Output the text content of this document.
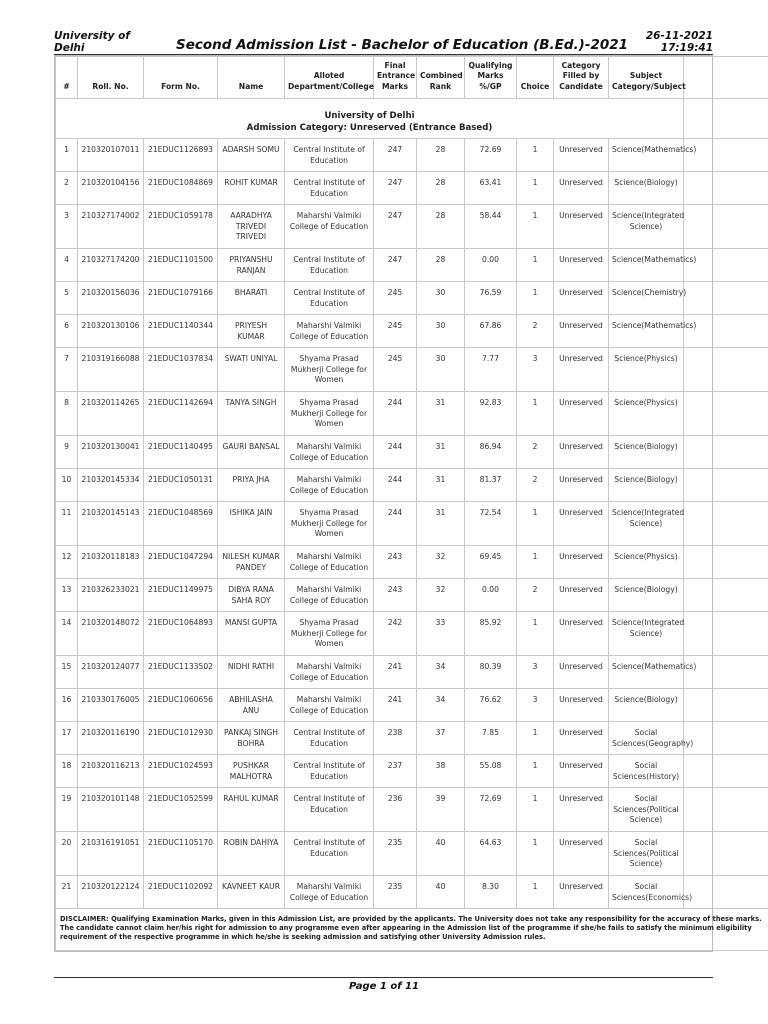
University of Delhi	Second Admission List - Bachelor of Education (B.Ed.)-2021
26-11-2021
17:19:41
University of Delhi
Admission Category: Unreserved (Entrance Based)											

#	Roll. No.	Form No.	Name	Alloted Department/College	Final Entrance Marks	Combined Rank	Qualifying Marks %/GP	Choice	Category Filled by Candidate	Subject Category/Subject	
1	210320107011	21EDUC1126893	ADARSH SOMU	Central Institute of Education	247	28	72.69	1	Unreserved	Science(Mathematics)	
2	210320104156	21EDUC1084869	ROHIT KUMAR	Central Institute of Education	247	28	63.41	1	Unreserved	Science(Biology)	
3	210327174002	21EDUC1059178	AARADHYA TRIVEDI TRIVEDI	Maharshi Valmiki College of Education	247	28	58.44	1	Unreserved	Science(Integrated Science)	
4	210327174200	21EDUC1101500	PRIYANSHU RANJAN	Central Institute of Education	247	28	0.00	1	Unreserved	Science(Mathematics)	
5	210320156036	21EDUC1079166	BHARATI	Central Institute of Education	245	30	76.59	1	Unreserved	Science(Chemistry)	
6	210320130106	21EDUC1140344	PRIYESH KUMAR	Maharshi Valmiki College of Education	245	30	67.86	2	Unreserved	Science(Mathematics)	
7	210319166088	21EDUC1037834	SWATI UNIYAL	Shyama Prasad Mukherji College for Women	245	30	7.77	3	Unreserved	Science(Physics)	
8	210320114265	21EDUC1142694	TANYA SINGH	Shyama Prasad Mukherji College for Women	244	31	92.83	1	Unreserved	Science(Physics)	
9	210320130041	21EDUC1140495	GAURI BANSAL	Maharshi Valmiki College of Education	244	31	86.94	2	Unreserved	Science(Biology)	
10	210320145334	21EDUC1050131	PRIYA JHA	Maharshi Valmiki College of Education	244	31	81.37	2	Unreserved	Science(Biology)	
11	210320145143	21EDUC1048569	ISHIKA JAIN	Shyama Prasad Mukherji College for Women	244	31	72.54	1	Unreserved	Science(Integrated Science)	
12	210320118183	21EDUC1047294	NILESH KUMAR PANDEY	Maharshi Valmiki College of Education	243	32	69.45	1	Unreserved	Science(Physics)	
13	210326233021	21EDUC1149975	DIBYA RANA SAHA ROY	Maharshi Valmiki College of Education	243	32	0.00	2	Unreserved	Science(Biology)	
14	210320148072	21EDUC1064893	MANSI GUPTA	Shyama Prasad Mukherji College for Women	242	33	85.92	1	Unreserved	Science(Integrated Science)	
15	210320124077	21EDUC1133502	NIDHI RATHI	Maharshi Valmiki College of Education	241	34	80.39	3	Unreserved	Science(Mathematics)	
16	210330176005	21EDUC1060656	ABHILASHA ANU	Maharshi Valmiki College of Education	241	34	76.62	3	Unreserved	Science(Biology)	
17	210320116190	21EDUC1012930	PANKAJ SINGH BOHRA	Central Institute of Education	238	37	7.85	1	Unreserved	Social Sciences(Geography)	
18	210320116213	21EDUC1024593	PUSHKAR MALHOTRA	Central Institute of Education	237	38	55.08	1	Unreserved	Social Sciences(History)	
19	210320101148	21EDUC1052599	RAHUL KUMAR	Central Institute of Education	236	39	72.69	1	Unreserved	Social Sciences(Political Science)	
20	210316191051	21EDUC1105170	ROBIN DAHIYA	Central Institute of Education	235	40	64.63	1	Unreserved	Social Sciences(Political Science)	
21	210320122124	21EDUC1102092	KAVNEET KAUR	Maharshi Valmiki College of Education	235	40	8.30	1	Unreserved	Social Sciences(Economics)	
DISCLAIMER: Qualifying Examination Marks, given in this Admission List, are provided by the applicants. The University does not take any responsibility for the accuracy of these marks. The candidate cannot claim her/his right for admission to any programme even after appearing in the Admission list of the programme if she/he fails to satisfy the minimum eligibility requirement of the respective programme in which he/she is seeking admission and satisfying other University Admission rules.											
Page 1 of 11
